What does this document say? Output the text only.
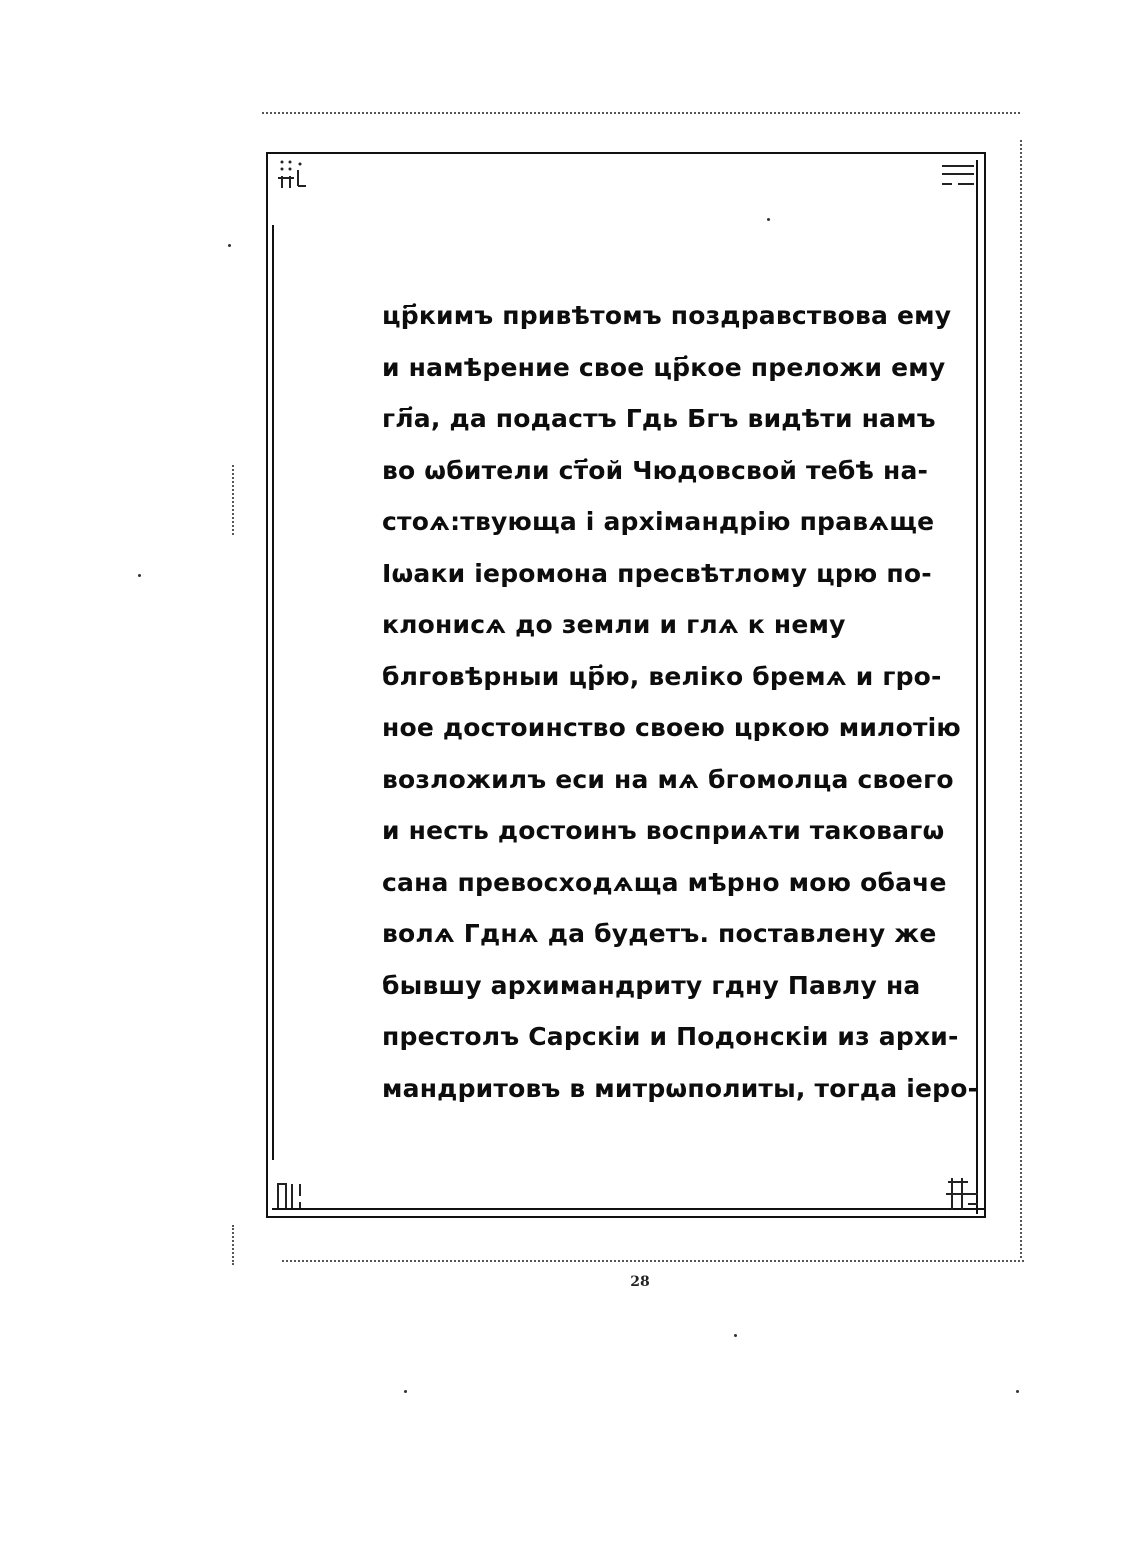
цр҃кимъ привѣтомъ поздравствова ему
и намѣрение свое цр҃кое преложи ему
гл҃а, да подастъ Гдь Бгъ видѣти намъ
во ѡбители ст҃ой Чюдовсвой тебѣ на-
стоѧ:твующа і архімандрію правѧще
Іѡаки іеромона пресвѣтлому црю по-
клонисѧ до земли и глѧ к нему
блговѣрныи цр҃ю, веліко бремѧ и гро-
ное достоинство своею цркою милотію
возложилъ еси на мѧ бгомолца своего
и несть достоинъ восприѧти таковагѡ
сана превосходѧща мѣрно мою обаче
волѧ Гднѧ да будетъ. поставлену же
бывшу архимандриту гдну Павлу на
престолъ Сарскіи и Подонскіи из архи-
мандритовъ в митрѡполиты, тогда іеро-
28
